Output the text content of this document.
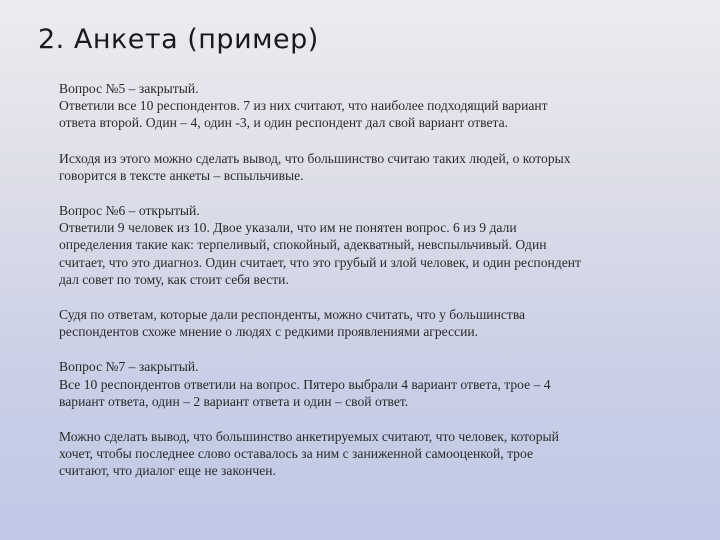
2. Анкета (пример)

Вопрос №5 – закрытый.
Ответили все 10 респондентов. 7 из них считают, что наиболее подходящий вариант
ответа второй. Один – 4, один -3, и один респондент дал свой вариант ответа.

Исходя из этого можно сделать вывод, что большинство считаю таких людей, о которых
говорится в тексте анкеты – вспыльчивые.

Вопрос №6 – открытый.
Ответили 9 человек из 10. Двое указали, что им не понятен вопрос. 6 из 9 дали
определения такие как: терпеливый, спокойный, адекватный, невспыльчивый. Один
считает, что это диагноз. Один считает, что это грубый и злой человек, и один респондент
дал совет по тому, как стоит себя вести.

Судя по ответам, которые дали респонденты, можно считать, что у большинства
респондентов схоже мнение о людях с редкими проявлениями агрессии.

Вопрос №7 – закрытый.
Все 10 респондентов ответили на вопрос. Пятеро выбрали 4 вариант ответа, трое – 4
вариант ответа, один – 2 вариант ответа и один – свой ответ.

Можно сделать вывод, что большинство анкетируемых считают, что человек, который
хочет, чтобы последнее слово оставалось за ним с заниженной самооценкой, трое
считают, что диалог еще не закончен.
